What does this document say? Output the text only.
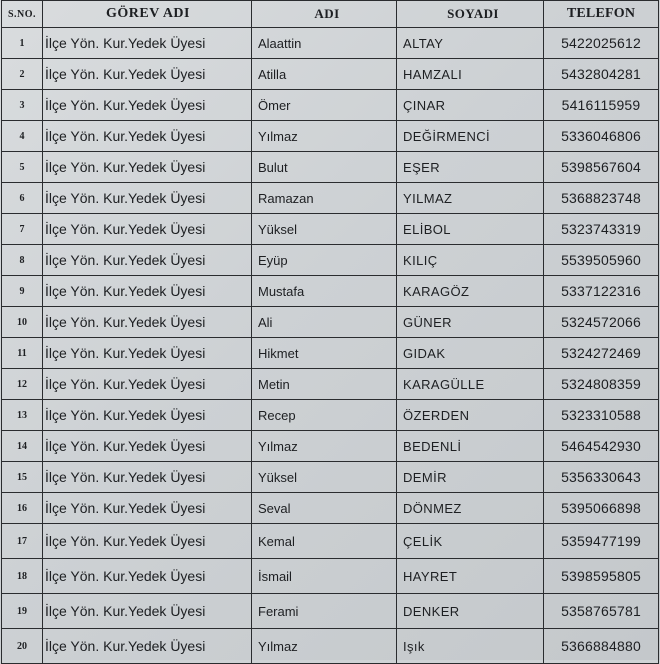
S.NO.	GÖREV ADI	ADI	SOYADI	TELEFON
1	İlçe Yön. Kur.Yedek Üyesi	Alaattin	ALTAY	5422025612
2	İlçe Yön. Kur.Yedek Üyesi	Atilla	HAMZALI	5432804281
3	İlçe Yön. Kur.Yedek Üyesi	Ömer	ÇINAR	5416115959
4	İlçe Yön. Kur.Yedek Üyesi	Yılmaz	DEĞİRMENCİ	5336046806
5	İlçe Yön. Kur.Yedek Üyesi	Bulut	EŞER	5398567604
6	İlçe Yön. Kur.Yedek Üyesi	Ramazan	YILMAZ	5368823748
7	İlçe Yön. Kur.Yedek Üyesi	Yüksel	ELİBOL	5323743319
8	İlçe Yön. Kur.Yedek Üyesi	Eyüp	KILIÇ	5539505960
9	İlçe Yön. Kur.Yedek Üyesi	Mustafa	KARAGÖZ	5337122316
10	İlçe Yön. Kur.Yedek Üyesi	Ali	GÜNER	5324572066
11	İlçe Yön. Kur.Yedek Üyesi	Hikmet	GIDAK	5324272469
12	İlçe Yön. Kur.Yedek Üyesi	Metin	KARAGÜLLE	5324808359
13	İlçe Yön. Kur.Yedek Üyesi	Recep	ÖZERDEN	5323310588
14	İlçe Yön. Kur.Yedek Üyesi	Yılmaz	BEDENLİ	5464542930
15	İlçe Yön. Kur.Yedek Üyesi	Yüksel	DEMİR	5356330643
16	İlçe Yön. Kur.Yedek Üyesi	Seval	DÖNMEZ	5395066898
17	İlçe Yön. Kur.Yedek Üyesi	Kemal	ÇELİK	5359477199
18	İlçe Yön. Kur.Yedek Üyesi	İsmail	HAYRET	5398595805
19	İlçe Yön. Kur.Yedek Üyesi	Ferami	DENKER	5358765781
20	İlçe Yön. Kur.Yedek Üyesi	Yılmaz	Işık	5366884880
